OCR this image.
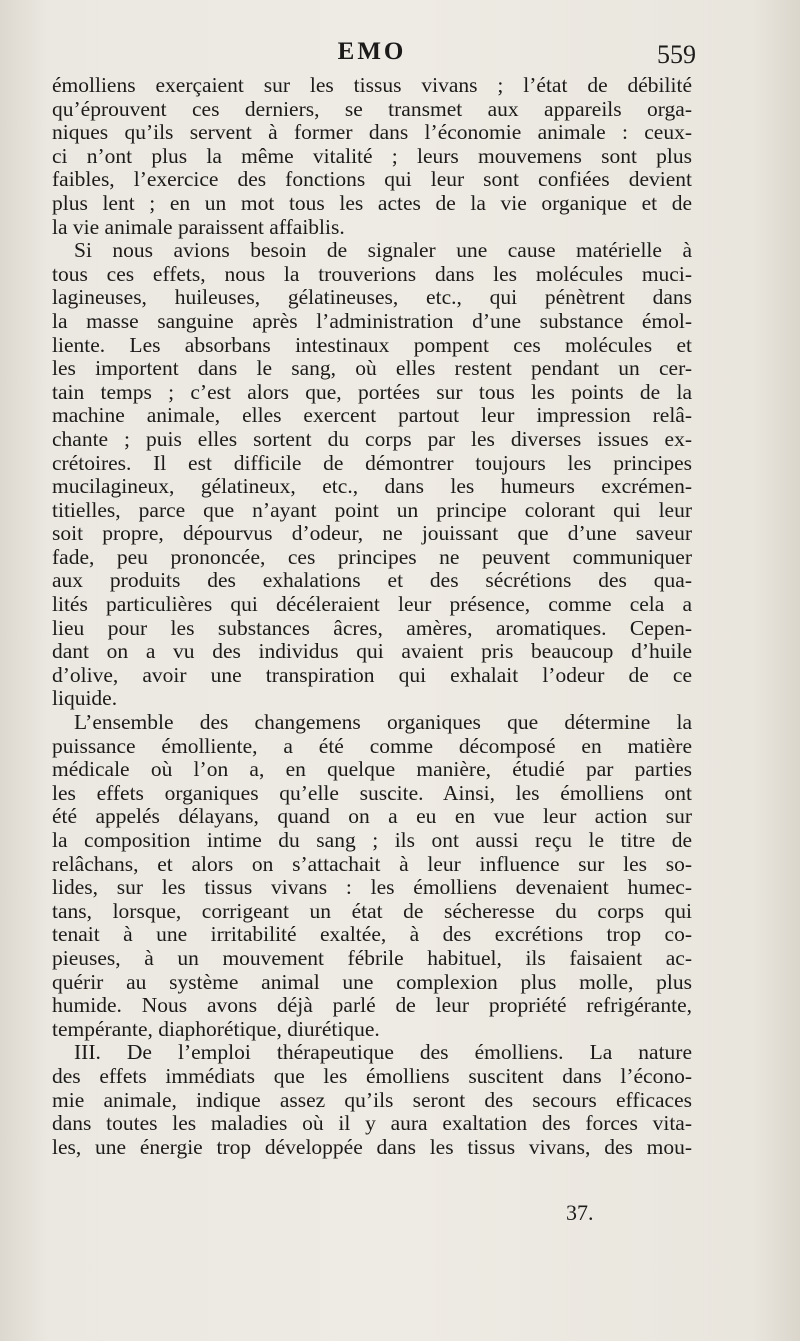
EMO	559
émolliens exerçaient sur les tissus vivans ; l’état de débilité
qu’éprouvent ces derniers, se transmet aux appareils orga-
niques qu’ils servent à former dans l’économie animale : ceux-
ci n’ont plus la même vitalité ; leurs mouvemens sont plus
faibles, l’exercice des fonctions qui leur sont confiées devient
plus lent ; en un mot tous les actes de la vie organique et de
la vie animale paraissent affaiblis.
Si nous avions besoin de signaler une cause matérielle à
tous ces effets, nous la trouverions dans les molécules muci-
lagineuses, huileuses, gélatineuses, etc., qui pénètrent dans
la masse sanguine après l’administration d’une substance émol-
liente. Les absorbans intestinaux pompent ces molécules et
les importent dans le sang, où elles restent pendant un cer-
tain temps ; c’est alors que, portées sur tous les points de la
machine animale, elles exercent partout leur impression relâ-
chante ; puis elles sortent du corps par les diverses issues ex-
crétoires. Il est difficile de démontrer toujours les principes
mucilagineux, gélatineux, etc., dans les humeurs excrémen-
titielles, parce que n’ayant point un principe colorant qui leur
soit propre, dépourvus d’odeur, ne jouissant que d’une saveur
fade, peu prononcée, ces principes ne peuvent communiquer
aux produits des exhalations et des sécrétions des qua-
lités particulières qui décéleraient leur présence, comme cela a
lieu pour les substances âcres, amères, aromatiques. Cepen-
dant on a vu des individus qui avaient pris beaucoup d’huile
d’olive, avoir une transpiration qui exhalait l’odeur de ce
liquide.
L’ensemble des changemens organiques que détermine la
puissance émolliente, a été comme décomposé en matière
médicale où l’on a, en quelque manière, étudié par parties
les effets organiques qu’elle suscite. Ainsi, les émolliens ont
été appelés délayans, quand on a eu en vue leur action sur
la composition intime du sang ; ils ont aussi reçu le titre de
relâchans, et alors on s’attachait à leur influence sur les so-
lides, sur les tissus vivans : les émolliens devenaient humec-
tans, lorsque, corrigeant un état de sécheresse du corps qui
tenait à une irritabilité exaltée, à des excrétions trop co-
pieuses, à un mouvement fébrile habituel, ils faisaient ac-
quérir au système animal une complexion plus molle, plus
humide. Nous avons déjà parlé de leur propriété refrigérante,
tempérante, diaphorétique, diurétique.
III. De l’emploi thérapeutique des émolliens. La nature
des effets immédiats que les émolliens suscitent dans l’écono-
mie animale, indique assez qu’ils seront des secours efficaces
dans toutes les maladies où il y aura exaltation des forces vita-
les, une énergie trop développée dans les tissus vivans, des mou-
37.
